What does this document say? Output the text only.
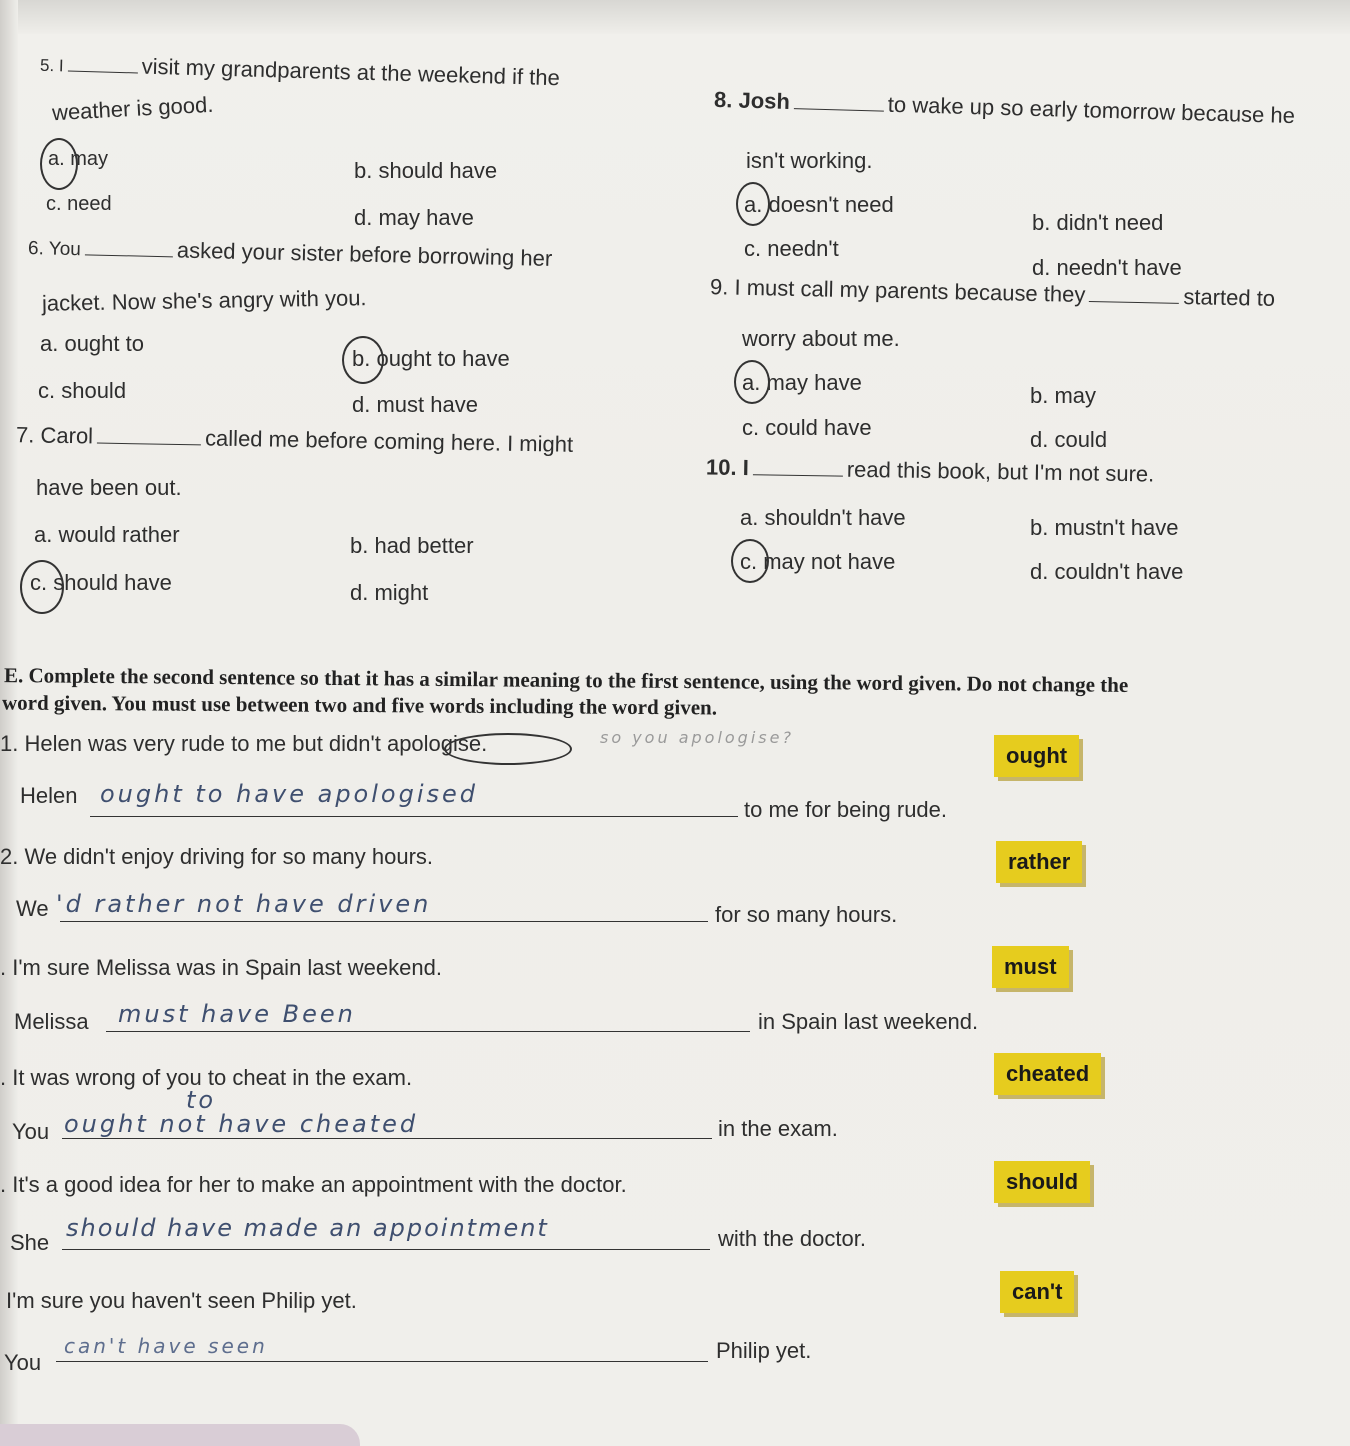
5. I	visit my grandparents at the weekend if the
weather is good.
a. may	b. should have
c. need
d. may have
6. You	asked your sister before borrowing her
jacket. Now she's angry with you.
a. ought to
b. ought to have
c. should
d. must have
7. Carol	called me before coming here. I might
have been out.
a. would rather	b. had better
c. should have	d. might
8. Josh	to wake up so early tomorrow because he
isn't working.
a. doesn't need
b. didn't need
c. needn't
d. needn't have
9. I must call my parents because they	started to
worry about me.
a. may have
b. may
c. could have	d. could
10. I	read this book, but I'm not sure.
a. shouldn't have	b. mustn't have
c. may not have	d. couldn't have
E. Complete the second sentence so that it has a similar meaning to the first sentence, using the word given. Do not change the
word given. You must use between two and five words including the word given.
1. Helen was very rude to me but didn't apologise.	so you apologise?
ought
Helen ought to have apologised
to me for being rude.
2. We didn't enjoy driving for so many hours.	rather
We 'd rather not have driven	for so many hours.
. I'm sure Melissa was in Spain last weekend.	must
Melissa must have Been	in Spain last weekend.
. It was wrong of you to cheat in the exam.	cheated
to
You ought not have cheated	in the exam.
. It's a good idea for her to make an appointment with the doctor.	should
She
should have made an appointment	with the doctor.
I'm sure you haven't seen Philip yet.	can't
You
can't have seen	Philip yet.
